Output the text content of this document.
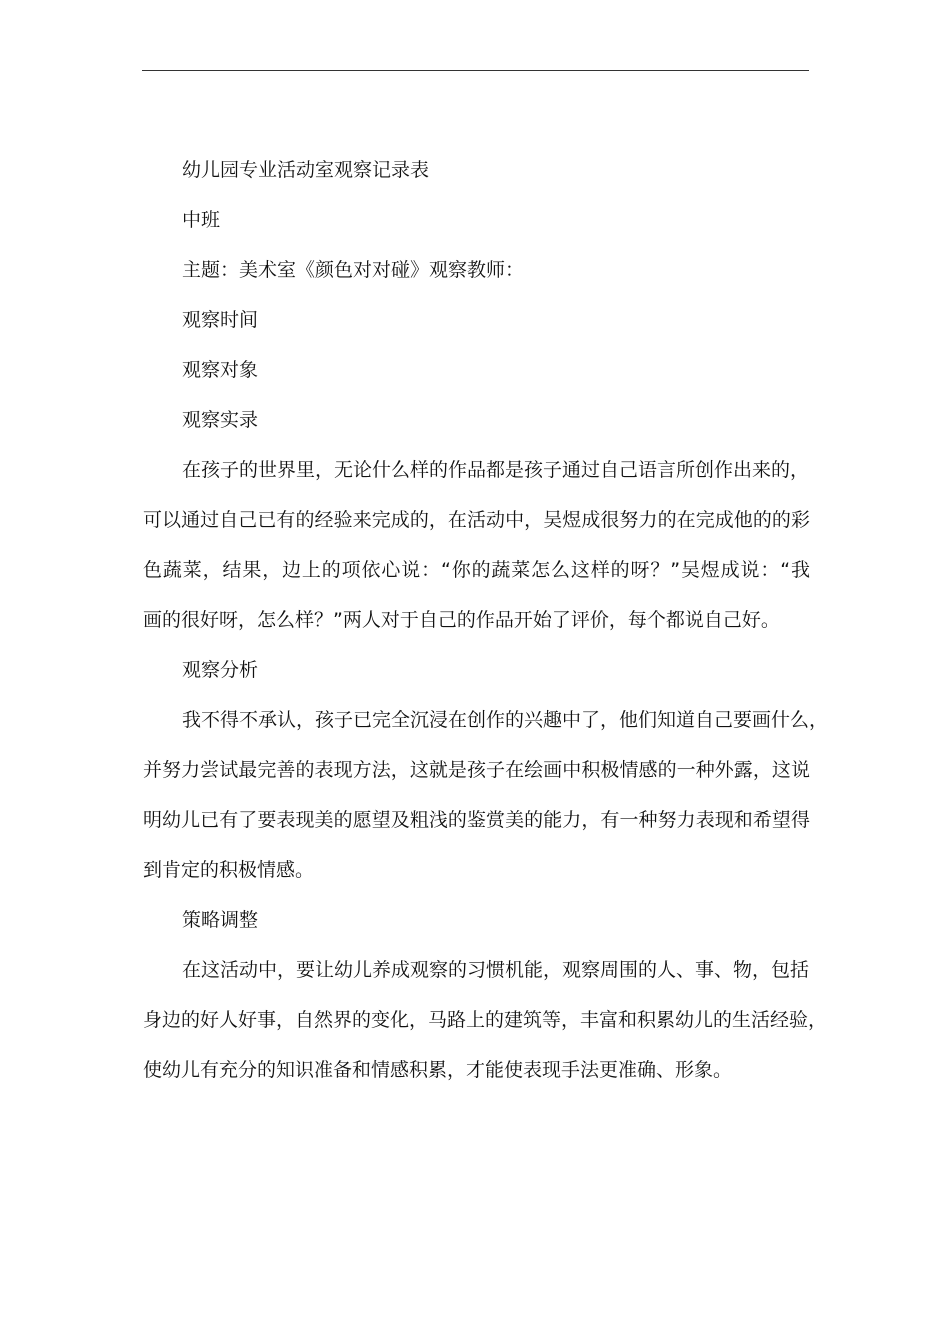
幼儿园专业活动室观察记录表
中班
主题：美术室《颜色对对碰》观察教师：
观察时间
观察对象
观察实录
在孩子的世界里，无论什么样的作品都是孩子通过自己语言所创作出来的，
可以通过自己已有的经验来完成的，在活动中，吴煜成很努力的在完成他的的彩
色蔬菜，结果，边上的项依心说：“你的蔬菜怎么这样的呀？”吴煜成说：“我
画的很好呀，怎么样？”两人对于自己的作品开始了评价，每个都说自己好。
观察分析
我不得不承认，孩子已完全沉浸在创作的兴趣中了，他们知道自己要画什么，
并努力尝试最完善的表现方法，这就是孩子在绘画中积极情感的一种外露，这说
明幼儿已有了要表现美的愿望及粗浅的鉴赏美的能力，有一种努力表现和希望得
到肯定的积极情感。
策略调整
在这活动中，要让幼儿养成观察的习惯机能，观察周围的人、事、物，包括
身边的好人好事，自然界的变化，马路上的建筑等，丰富和积累幼儿的生活经验，
使幼儿有充分的知识准备和情感积累，才能使表现手法更准确、形象。
